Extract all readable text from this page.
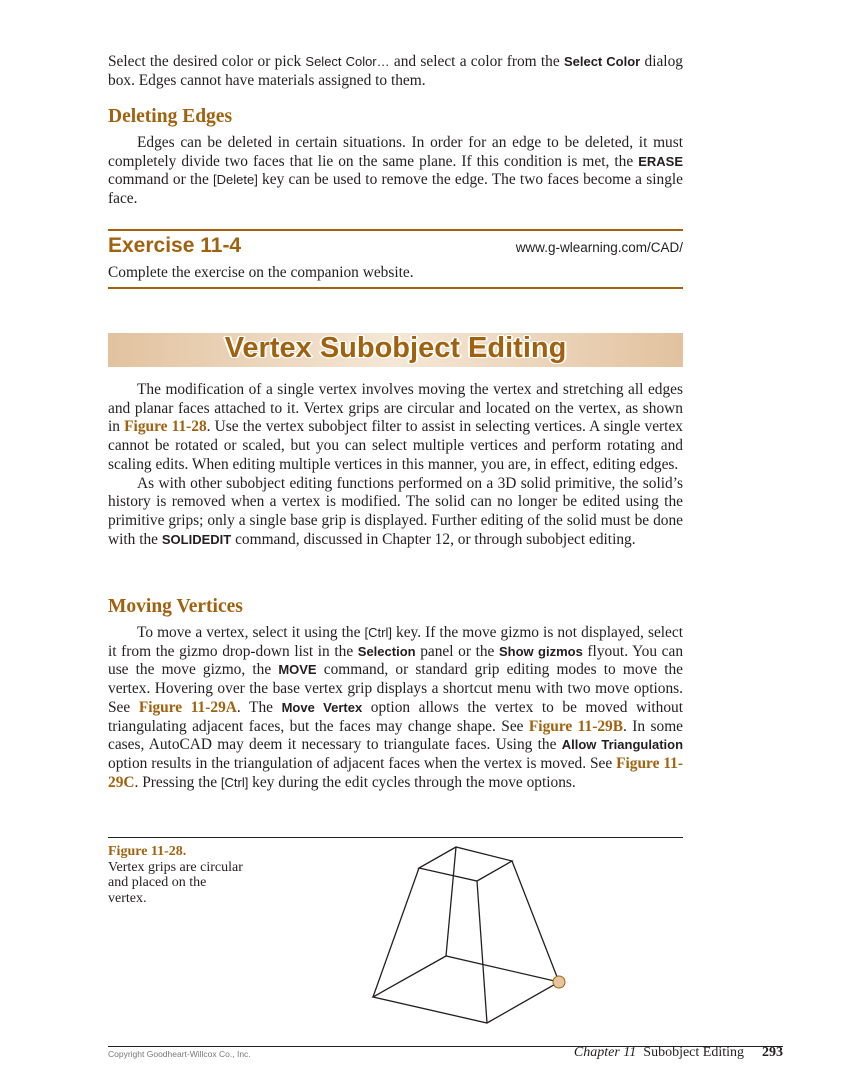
Select the desired color or pick Select Color… and select a color from the Select Color dialog box. Edges cannot have materials assigned to them.

Deleting Edges

Edges can be deleted in certain situations. In order for an edge to be deleted, it must completely divide two faces that lie on the same plane. If this condition is met, the ERASE command or the [Delete] key can be used to remove the edge. The two faces become a single face.

Exercise 11-4	www.g-wlearning.com/CAD/
Complete the exercise on the companion website.
Vertex Subobject Editing

The modification of a single vertex involves moving the vertex and stretching all edges and planar faces attached to it. Vertex grips are circular and located on the vertex, as shown in Figure 11-28. Use the vertex subobject filter to assist in selecting vertices. A single vertex cannot be rotated or scaled, but you can select multiple vertices and perform rotating and scaling edits. When editing multiple vertices in this manner, you are, in effect, editing edges.

As with other subobject editing functions performed on a 3D solid primitive, the solid’s history is removed when a vertex is modified. The solid can no longer be edited using the primitive grips; only a single base grip is displayed. Further editing of the solid must be done with the SOLIDEDIT command, discussed in Chapter 12, or through subobject editing.

Moving Vertices

To move a vertex, select it using the [Ctrl] key. If the move gizmo is not displayed, select it from the gizmo drop-down list in the Selection panel or the Show gizmos flyout. You can use the move gizmo, the MOVE command, or standard grip editing modes to move the vertex. Hovering over the base vertex grip displays a shortcut menu with two move options. See Figure 11-29A. The Move Vertex option allows the vertex to be moved without triangulating adjacent faces, but the faces may change shape. See Figure 11-29B. In some cases, AutoCAD may deem it necessary to triangulate faces. Using the Allow Triangulation option results in the triangulation of adjacent faces when the vertex is moved. See Figure 11-29C. Pressing the [Ctrl] key during the edit cycles through the move options.

Figure 11-28.
Vertex grips are circular and placed on the vertex.
Copyright Goodheart-Willcox Co., Inc.	Chapter 11 Subobject Editing 293
